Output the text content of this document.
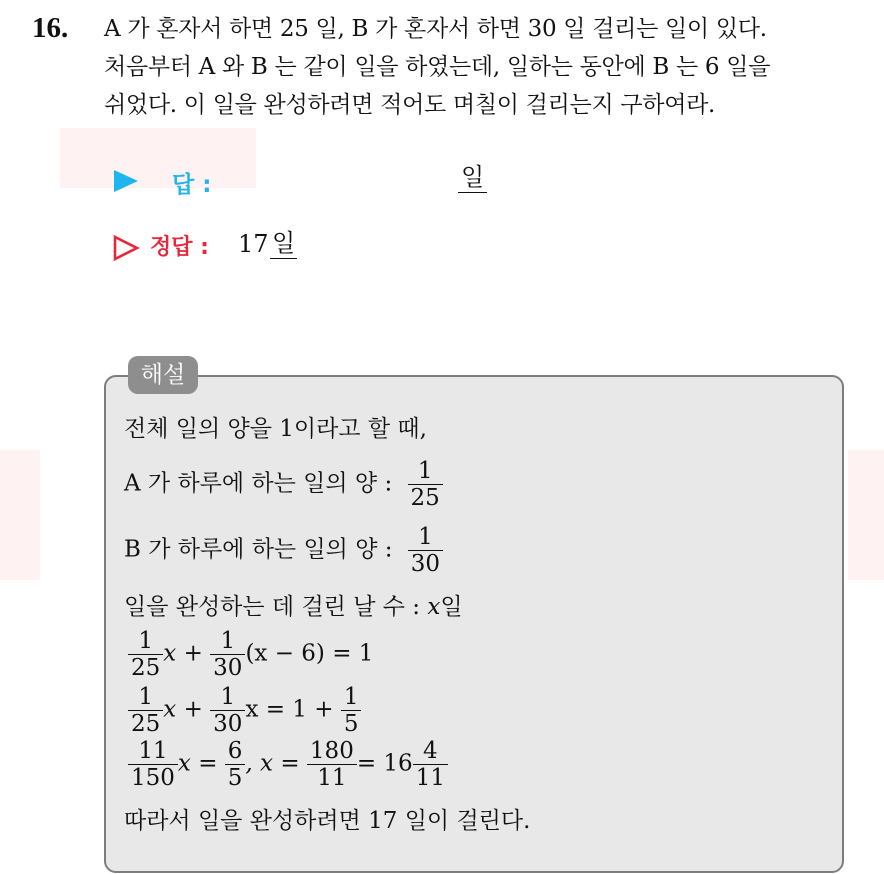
16. A 가 혼자서 하면 25 일, B 가 혼자서 하면 30 일 걸리는 일이 있다.
처음부터 A 와 B 는 같이 일을 하였는데, 일하는 동안에 B 는 6 일을
쉬었다. 이 일을 완성하려면 적어도 며칠이 걸리는지 구하여라.
답 :	일
정답 : 17 일
해설
전체 일의 양을 1이라고 할 때,
A 가 하루에 하는 일의 양 : $\frac{1}{25}$
B 가 하루에 하는 일의 양 : $\frac{1}{30}$
일을 완성하는 데 걸린 날 수 : x일
$\frac{1}{25}$ $x + \frac{1}{30} (x - 6) = 1$
$\frac{1}{25}$ $x + \frac{1}{30}$ $x = 1 + \frac{1}{5}$
$\frac{11}{150}$ $x = \frac{6}{5}$ , $x = \frac{180}{11} = 16 \frac{4}{11}$
따라서 일을 완성하려면 17 일이 걸린다.
